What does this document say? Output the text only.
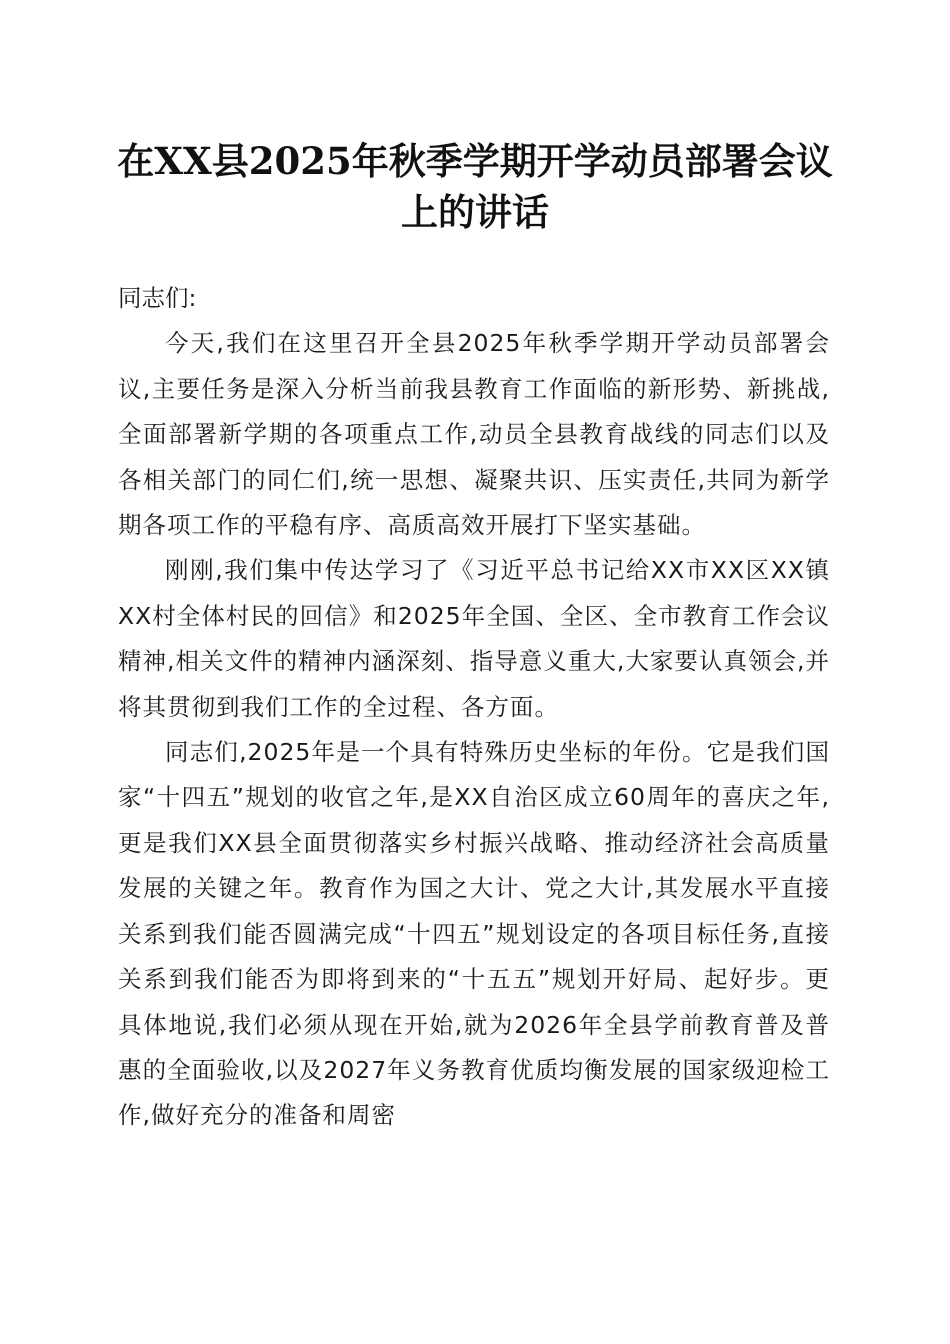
在XX县2025年秋季学期开学动员部署会议
上的讲话

同志们:

今天,我们在这里召开全县2025年秋季学期开学动员部署会议,主要任务是深入分析当前我县教育工作面临的新形势、新挑战,全面部署新学期的各项重点工作,动员全县教育战线的同志们以及各相关部门的同仁们,统一思想、凝聚共识、压实责任,共同为新学期各项工作的平稳有序、高质高效开展打下坚实基础。

刚刚,我们集中传达学习了《习近平总书记给XX市XX区XX镇XX村全体村民的回信》和2025年全国、全区、全市教育工作会议精神,相关文件的精神内涵深刻、指导意义重大,大家要认真领会,并将其贯彻到我们工作的全过程、各方面。

同志们,2025年是一个具有特殊历史坐标的年份。它是我们国家“十四五”规划的收官之年,是XX自治区成立60周年的喜庆之年,更是我们XX县全面贯彻落实乡村振兴战略、推动经济社会高质量发展的关键之年。教育作为国之大计、党之大计,其发展水平直接关系到我们能否圆满完成“十四五”规划设定的各项目标任务,直接关系到我们能否为即将到来的“十五五”规划开好局、起好步。更具体地说,我们必须从现在开始,就为2026年全县学前教育普及普惠的全面验收,以及2027年义务教育优质均衡发展的国家级迎检工作,做好充分的准备和周密
